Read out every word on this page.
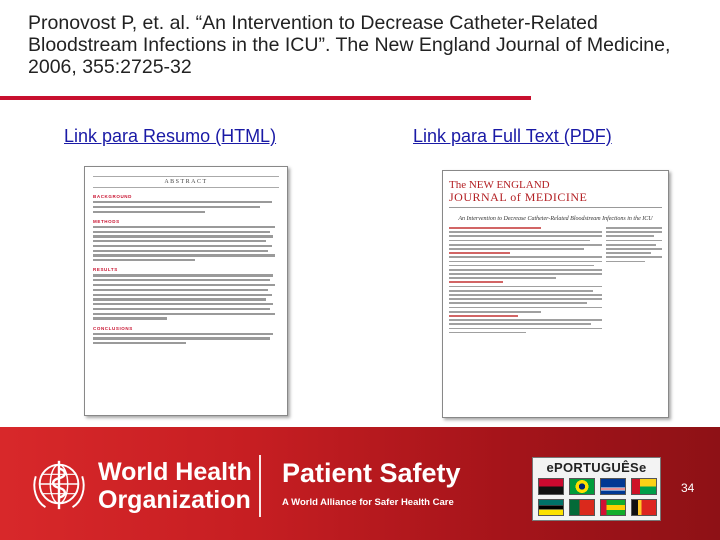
Pronovost P, et. al. “An Intervention to Decrease Catheter-Related Bloodstream Infections in the ICU”. The New England Journal of Medicine, 2006, 355:2725-32
Link para Resumo (HTML)	Link para Full Text (PDF)
ABSTRACT
BACKGROUND
METHODS
RESULTS
CONCLUSIONS
The NEW ENGLAND
JOURNAL of MEDICINE
An Intervention to Decrease Catheter-Related Bloodstream Infections in the ICU
World Health
Organization
Patient Safety
A World Alliance for Safer Health Care
ePORTUGUÊSe
34
